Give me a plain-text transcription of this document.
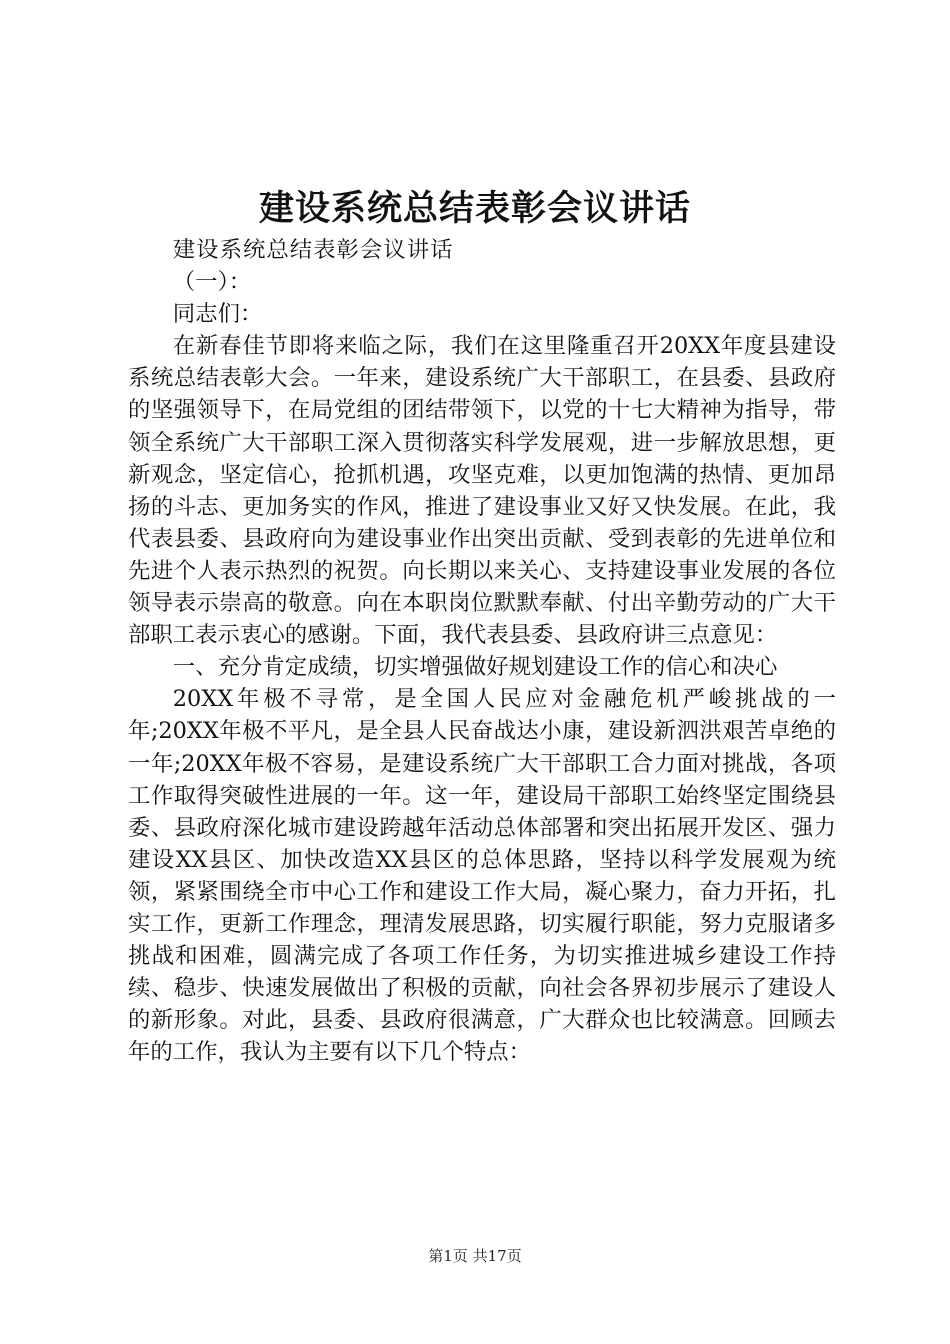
建设系统总结表彰会议讲话

建设系统总结表彰会议讲话

（一）：

同志们：

在新春佳节即将来临之际，我们在这里隆重召开20XX年度县建设系统总结表彰大会。一年来，建设系统广大干部职工，在县委、县政府的坚强领导下，在局党组的团结带领下，以党的十七大精神为指导，带领全系统广大干部职工深入贯彻落实科学发展观，进一步解放思想，更新观念，坚定信心，抢抓机遇，攻坚克难，以更加饱满的热情、更加昂扬的斗志、更加务实的作风，推进了建设事业又好又快发展。在此，我代表县委、县政府向为建设事业作出突出贡献、受到表彰的先进单位和先进个人表示热烈的祝贺。向长期以来关心、支持建设事业发展的各位领导表示崇高的敬意。向在本职岗位默默奉献、付出辛勤劳动的广大干部职工表示衷心的感谢。下面，我代表县委、县政府讲三点意见：

一、充分肯定成绩，切实增强做好规划建设工作的信心和决心

20XX年极不寻常，是全国人民应对金融危机严峻挑战的一年;20XX年极不平凡，是全县人民奋战达小康，建设新泗洪艰苦卓绝的一年;20XX年极不容易，是建设系统广大干部职工合力面对挑战，各项工作取得突破性进展的一年。这一年，建设局干部职工始终坚定围绕县委、县政府深化城市建设跨越年活动总体部署和突出拓展开发区、强力建设XX县区、加快改造XX县区的总体思路，坚持以科学发展观为统领，紧紧围绕全市中心工作和建设工作大局，凝心聚力，奋力开拓，扎实工作，更新工作理念，理清发展思路，切实履行职能，努力克服诸多挑战和困难，圆满完成了各项工作任务，为切实推进城乡建设工作持续、稳步、快速发展做出了积极的贡献，向社会各界初步展示了建设人的新形象。对此，县委、县政府很满意，广大群众也比较满意。回顾去年的工作，我认为主要有以下几个特点：

第1页 共17页
